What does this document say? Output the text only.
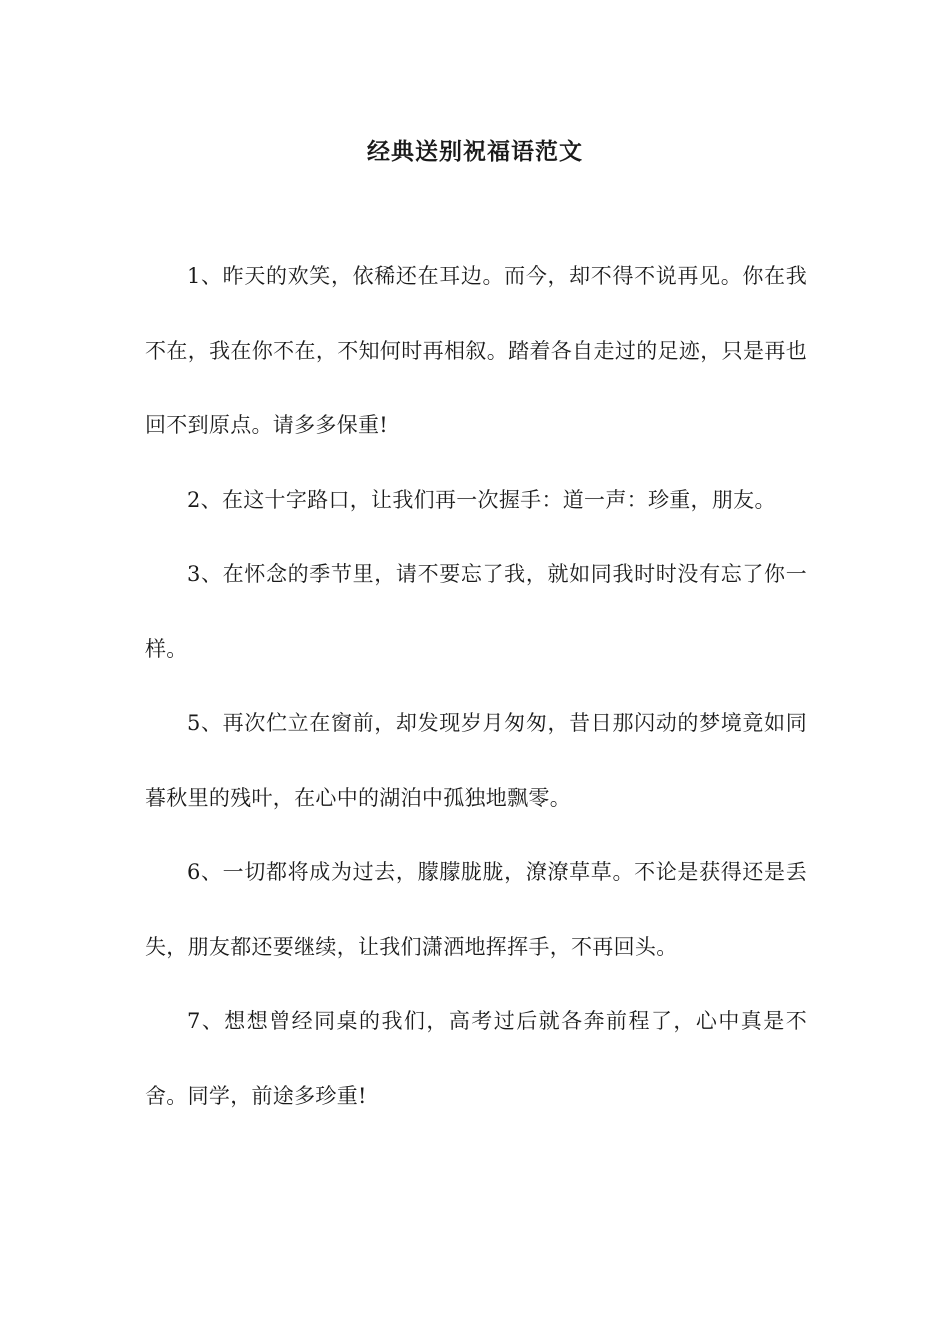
经典送别祝福语范文

1、昨天的欢笑，依稀还在耳边。而今，却不得不说再见。你在我不在，我在你不在，不知何时再相叙。踏着各自走过的足迹，只是再也回不到原点。请多多保重!

2、在这十字路口，让我们再一次握手：道一声：珍重，朋友。

3、在怀念的季节里，请不要忘了我，就如同我时时没有忘了你一样。

5、再次伫立在窗前，却发现岁月匆匆，昔日那闪动的梦境竟如同暮秋里的残叶，在心中的湖泊中孤独地飘零。

6、一切都将成为过去，朦朦胧胧，潦潦草草。不论是获得还是丢失，朋友都还要继续，让我们潇洒地挥挥手，不再回头。

7、想想曾经同桌的我们，高考过后就各奔前程了，心中真是不舍。同学，前途多珍重!
